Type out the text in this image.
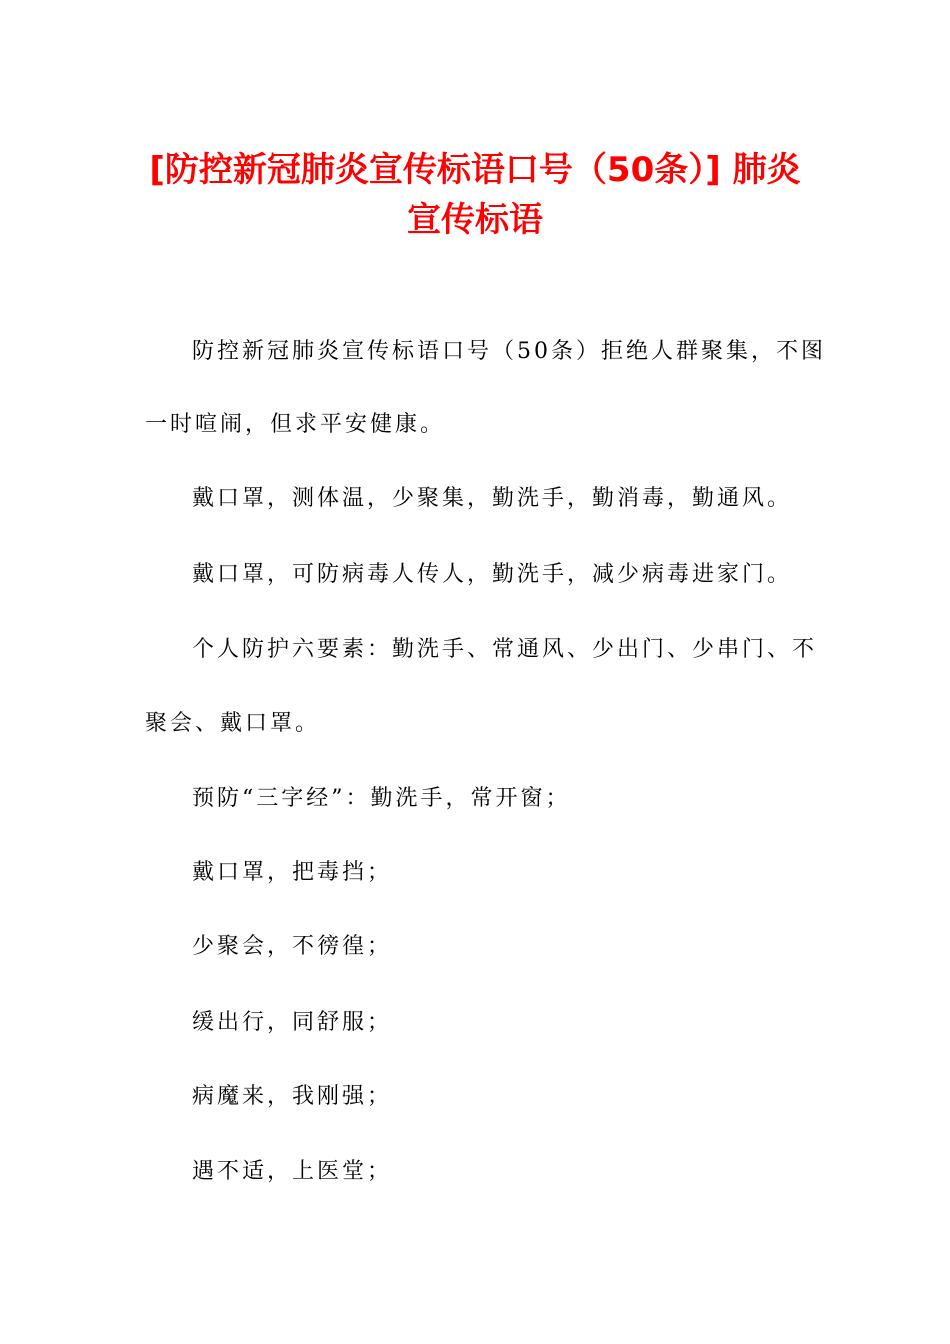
[防控新冠肺炎宣传标语口号（50条）] 肺炎
宣传标语

防控新冠肺炎宣传标语口号（50条）拒绝人群聚集，不图

一时喧闹，但求平安健康。

戴口罩，测体温，少聚集，勤洗手，勤消毒，勤通风。

戴口罩，可防病毒人传人，勤洗手，减少病毒进家门。

个人防护六要素：勤洗手、常通风、少出门、少串门、不

聚会、戴口罩。

预防“三字经”：勤洗手，常开窗；

戴口罩，把毒挡；

少聚会，不徬徨；

缓出行，同舒服；

病魔来，我刚强；

遇不适，上医堂；
